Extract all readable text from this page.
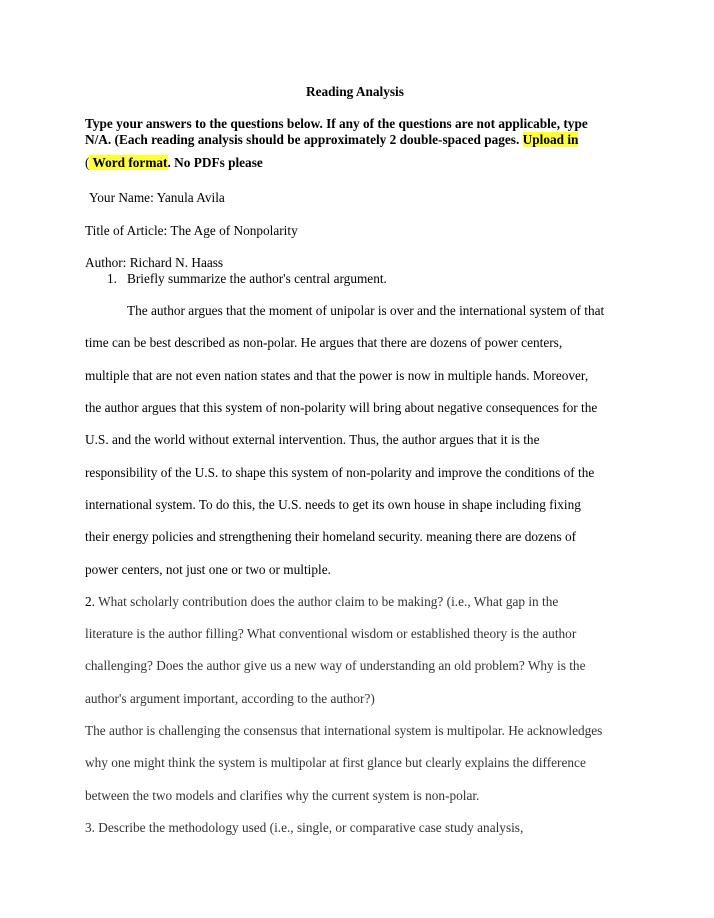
Reading Analysis
Type your answers to the questions below. If any of the questions are not applicable, type
N/A. (Each reading analysis should be approximately 2 double-spaced pages. Upload in
( Word format. No PDFs please
Your Name: Yanula Avila
Title of Article: The Age of Nonpolarity
Author: Richard N. Haass
1. Briefly summarize the author's central argument.
The author argues that the moment of unipolar is over and the international system of that
time can be best described as non-polar. He argues that there are dozens of power centers,
multiple that are not even nation states and that the power is now in multiple hands. Moreover,
the author argues that this system of non-polarity will bring about negative consequences for the
U.S. and the world without external intervention. Thus, the author argues that it is the
responsibility of the U.S. to shape this system of non-polarity and improve the conditions of the
international system. To do this, the U.S. needs to get its own house in shape including fixing
their energy policies and strengthening their homeland security. meaning there are dozens of
power centers, not just one or two or multiple.
2. What scholarly contribution does the author claim to be making? (i.e., What gap in the
literature is the author filling? What conventional wisdom or established theory is the author
challenging? Does the author give us a new way of understanding an old problem? Why is the
author's argument important, according to the author?)
The author is challenging the consensus that international system is multipolar. He acknowledges
why one might think the system is multipolar at first glance but clearly explains the difference
between the two models and clarifies why the current system is non-polar.
3. Describe the methodology used (i.e., single, or comparative case study analysis,
